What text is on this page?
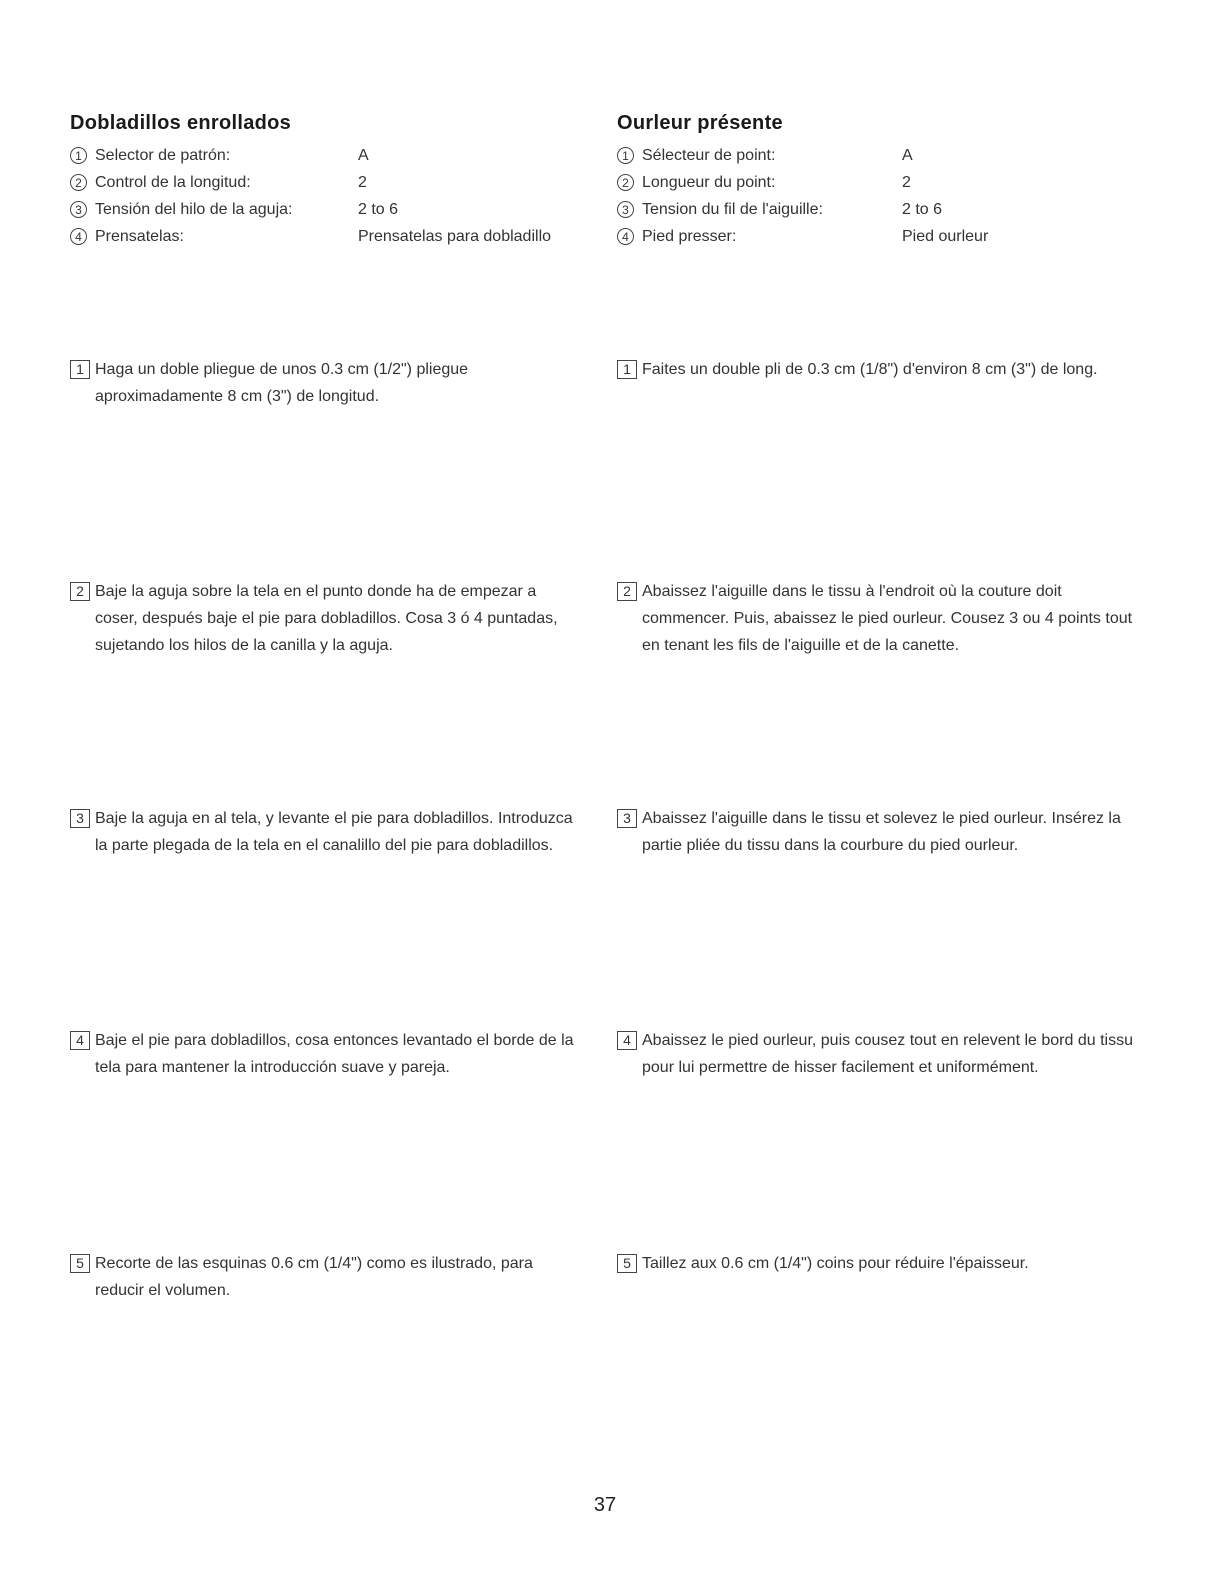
Dobladillos enrollados
1 Selector de patrón:	A
2 Control de la longitud:	2
3 Tensión del hilo de la aguja:	2 to 6
4 Prensatelas:	Prensatelas para dobladillo
1 Haga un doble pliegue de unos 0.3 cm (1/2") pliegue aproximadamente 8 cm (3") de longitud.
2 Baje la aguja sobre la tela en el punto donde ha de empezar a coser, después baje el pie para dobladillos. Cosa 3 ó 4 puntadas, sujetando los hilos de la canilla y la aguja.
3 Baje la aguja en al tela, y levante el pie para dobladillos. Introduzca la parte plegada de la tela en el canalillo del pie para dobladillos.
4 Baje el pie para dobladillos, cosa entonces levantado el borde de la tela para mantener la introducción suave y pareja.
5 Recorte de las esquinas 0.6 cm (1/4") como es ilustrado, para reducir el volumen.
Ourleur présente
1 Sélecteur de point:	A
2 Longueur du point:	2
3 Tension du fil de l'aiguille:	2 to 6
4 Pied presser:	Pied ourleur
1 Faites un double pli de 0.3 cm (1/8") d'environ 8 cm (3") de long.
2 Abaissez l'aiguille dans le tissu à l'endroit où la couture doit commencer. Puis, abaissez le pied ourleur. Cousez 3 ou 4 points tout en tenant les fils de l'aiguille et de la canette.
3 Abaissez l'aiguille dans le tissu et solevez le pied ourleur. Insérez la partie pliée du tissu dans la courbure du pied ourleur.
4 Abaissez le pied ourleur, puis cousez tout en relevent le bord du tissu pour lui permettre de hisser facilement et uniformément.
5 Taillez aux 0.6 cm (1/4") coins pour réduire l'épaisseur.
37
